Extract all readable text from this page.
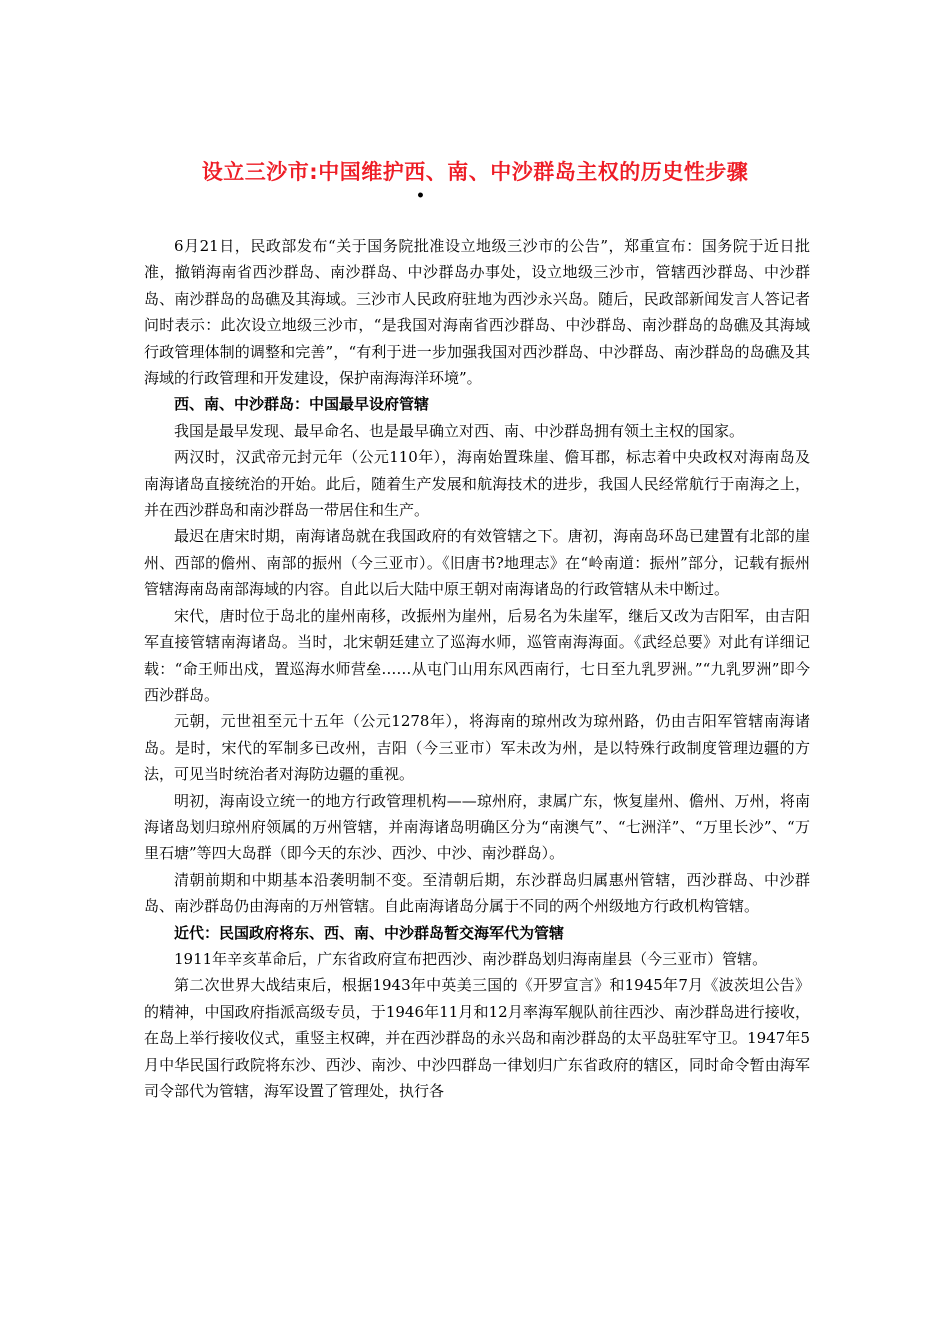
设立三沙市:中国维护西、南、中沙群岛主权的历史性步骤
•

6月21日，民政部发布“关于国务院批准设立地级三沙市的公告”，郑重宣布：国务院于近日批准，撤销海南省西沙群岛、南沙群岛、中沙群岛办事处，设立地级三沙市，管辖西沙群岛、中沙群岛、南沙群岛的岛礁及其海域。三沙市人民政府驻地为西沙永兴岛。随后，民政部新闻发言人答记者问时表示：此次设立地级三沙市，“是我国对海南省西沙群岛、中沙群岛、南沙群岛的岛礁及其海域行政管理体制的调整和完善”，“有利于进一步加强我国对西沙群岛、中沙群岛、南沙群岛的岛礁及其海域的行政管理和开发建设，保护南海海洋环境”。

西、南、中沙群岛：中国最早设府管辖

我国是最早发现、最早命名、也是最早确立对西、南、中沙群岛拥有领土主权的国家。

两汉时，汉武帝元封元年（公元110年），海南始置珠崖、儋耳郡，标志着中央政权对海南岛及南海诸岛直接统治的开始。此后，随着生产发展和航海技术的进步，我国人民经常航行于南海之上，并在西沙群岛和南沙群岛一带居住和生产。

最迟在唐宋时期，南海诸岛就在我国政府的有效管辖之下。唐初，海南岛环岛已建置有北部的崖州、西部的儋州、南部的振州（今三亚市）。《旧唐书?地理志》在“岭南道：振州”部分，记载有振州管辖海南岛南部海域的内容。自此以后大陆中原王朝对南海诸岛的行政管辖从未中断过。

宋代，唐时位于岛北的崖州南移，改振州为崖州，后易名为朱崖军，继后又改为吉阳军，由吉阳军直接管辖南海诸岛。当时，北宋朝廷建立了巡海水师，巡管南海海面。《武经总要》对此有详细记载：“命王师出戍，置巡海水师营垒……从屯门山用东风西南行，七日至九乳罗洲。”“九乳罗洲”即今西沙群岛。

元朝，元世祖至元十五年（公元1278年），将海南的琼州改为琼州路，仍由吉阳军管辖南海诸岛。是时，宋代的军制多已改州，吉阳（今三亚市）军未改为州，是以特殊行政制度管理边疆的方法，可见当时统治者对海防边疆的重视。

明初，海南设立统一的地方行政管理机构——琼州府，隶属广东，恢复崖州、儋州、万州，将南海诸岛划归琼州府领属的万州管辖，并南海诸岛明确区分为“南澳气”、“七洲洋”、“万里长沙”、“万里石塘”等四大岛群（即今天的东沙、西沙、中沙、南沙群岛）。

清朝前期和中期基本沿袭明制不变。至清朝后期，东沙群岛归属惠州管辖，西沙群岛、中沙群岛、南沙群岛仍由海南的万州管辖。自此南海诸岛分属于不同的两个州级地方行政机构管辖。

近代：民国政府将东、西、南、中沙群岛暂交海军代为管辖

1911年辛亥革命后，广东省政府宣布把西沙、南沙群岛划归海南崖县（今三亚市）管辖。

第二次世界大战结束后，根据1943年中英美三国的《开罗宣言》和1945年7月《波茨坦公告》的精神，中国政府指派高级专员，于1946年11月和12月率海军舰队前往西沙、南沙群岛进行接收，在岛上举行接收仪式，重竖主权碑，并在西沙群岛的永兴岛和南沙群岛的太平岛驻军守卫。1947年5月中华民国行政院将东沙、西沙、南沙、中沙四群岛一律划归广东省政府的辖区，同时命令暂由海军司令部代为管辖，海军设置了管理处，执行各
